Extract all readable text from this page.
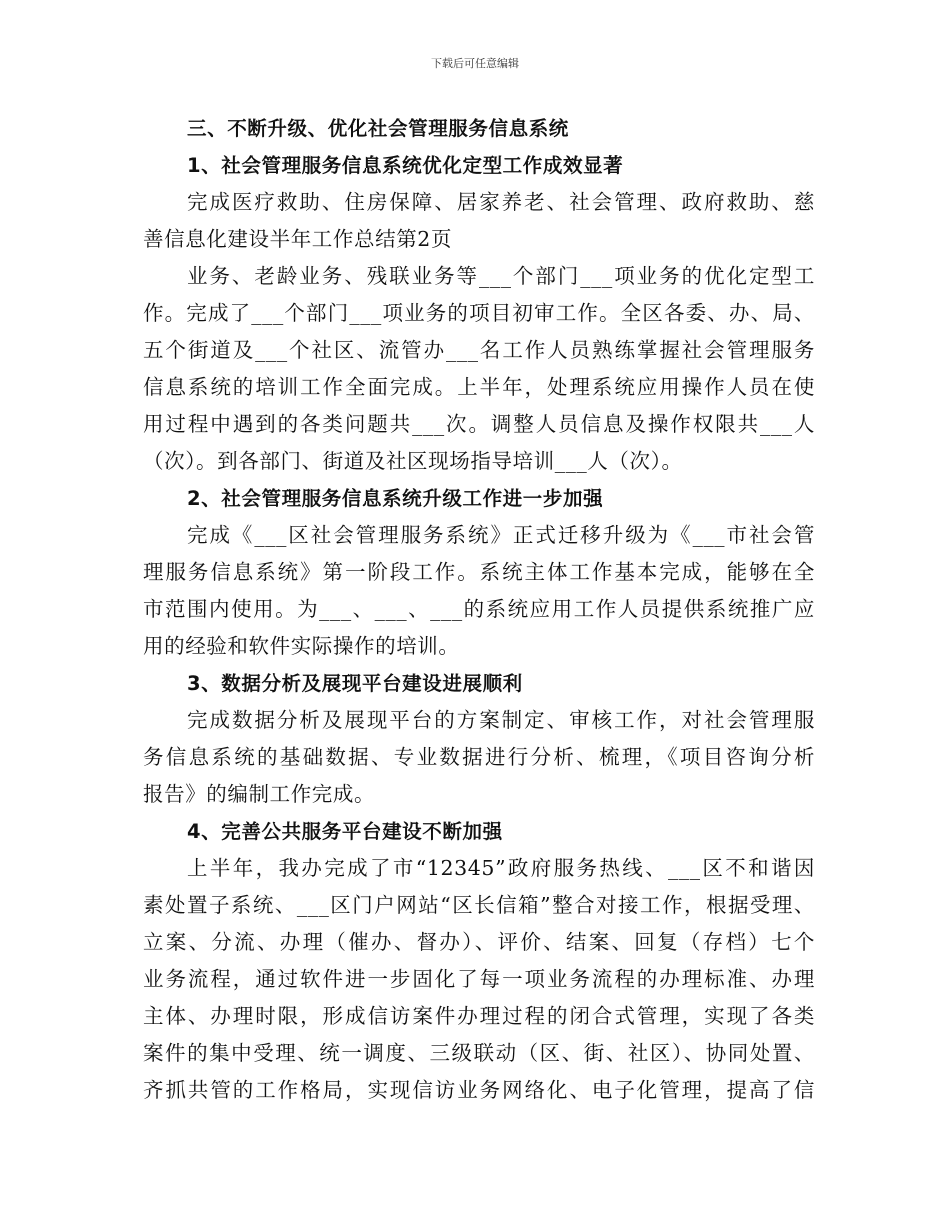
下载后可任意编辑
三、不断升级、优化社会管理服务信息系统
1、社会管理服务信息系统优化定型工作成效显著
完成医疗救助、住房保障、居家养老、社会管理、政府救助、慈
善信息化建设半年工作总结第2页
业务、老龄业务、残联业务等___个部门___项业务的优化定型工
作。完成了___个部门___项业务的项目初审工作。全区各委、办、局、
五个街道及___个社区、流管办___名工作人员熟练掌握社会管理服务
信息系统的培训工作全面完成。上半年，处理系统应用操作人员在使
用过程中遇到的各类问题共___次。调整人员信息及操作权限共___人
（次）。到各部门、街道及社区现场指导培训___人（次）。
2、社会管理服务信息系统升级工作进一步加强
完成《___区社会管理服务系统》正式迁移升级为《___市社会管
理服务信息系统》第一阶段工作。系统主体工作基本完成，能够在全
市范围内使用。为___、___、___的系统应用工作人员提供系统推广应
用的经验和软件实际操作的培训。
3、数据分析及展现平台建设进展顺利
完成数据分析及展现平台的方案制定、审核工作，对社会管理服
务信息系统的基础数据、专业数据进行分析、梳理，《项目咨询分析
报告》的编制工作完成。
4、完善公共服务平台建设不断加强
上半年，我办完成了市“12345”政府服务热线、___区不和谐因
素处置子系统、___区门户网站“区长信箱”整合对接工作，根据受理、
立案、分流、办理（催办、督办）、评价、结案、回复（存档）七个
业务流程，通过软件进一步固化了每一项业务流程的办理标准、办理
主体、办理时限，形成信访案件办理过程的闭合式管理，实现了各类
案件的集中受理、统一调度、三级联动（区、街、社区）、协同处置、
齐抓共管的工作格局，实现信访业务网络化、电子化管理，提高了信
